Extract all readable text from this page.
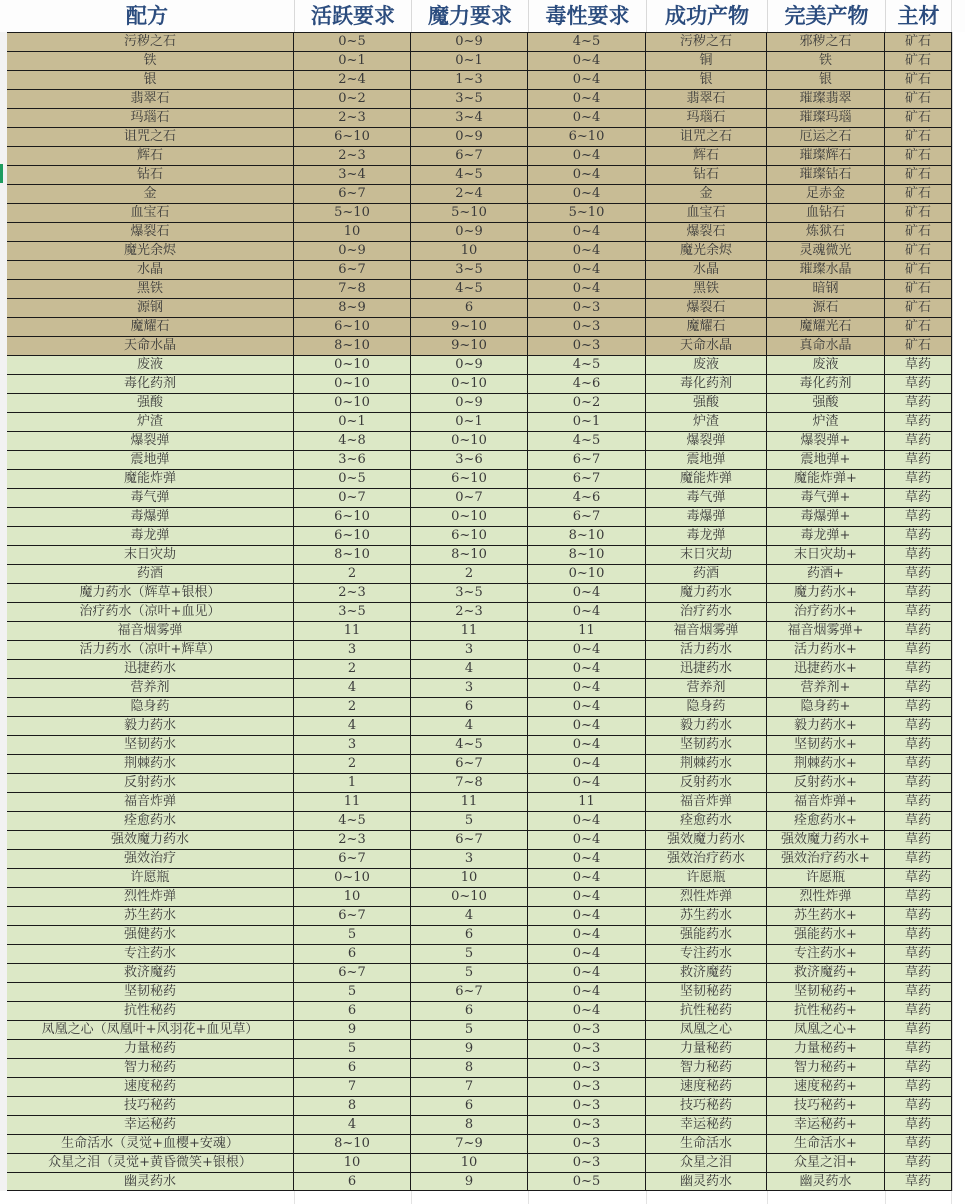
配方	活跃要求	魔力要求	毒性要求	成功产物	完美产物	主材
污秽之石	0~5	0~9	4~5	污秽之石	邪秽之石	矿石
铁	0~1	0~1	0~4	铜	铁	矿石
银	2~4	1~3	0~4	银	银	矿石
翡翠石	0~2	3~5	0~4	翡翠石	璀璨翡翠	矿石
玛瑙石	2~3	3~4	0~4	玛瑙石	璀璨玛瑙	矿石
诅咒之石	6~10	0~9	6~10	诅咒之石	厄运之石	矿石
辉石	2~3	6~7	0~4	辉石	璀璨辉石	矿石
钻石	3~4	4~5	0~4	钻石	璀璨钻石	矿石
金	6~7	2~4	0~4	金	足赤金	矿石
血宝石	5~10	5~10	5~10	血宝石	血钻石	矿石
爆裂石	10	0~9	0~4	爆裂石	炼狱石	矿石
魔光余烬	0~9	10	0~4	魔光余烬	灵魂微光	矿石
水晶	6~7	3~5	0~4	水晶	璀璨水晶	矿石
黑铁	7~8	4~5	0~4	黑铁	暗钢	矿石
源钢	8~9	6	0~3	爆裂石	源石	矿石
魔耀石	6~10	9~10	0~3	魔耀石	魔耀光石	矿石
天命水晶	8~10	9~10	0~3	天命水晶	真命水晶	矿石
废液	0~10	0~9	4~5	废液	废液	草药
毒化药剂	0~10	0~10	4~6	毒化药剂	毒化药剂	草药
强酸	0~10	0~9	0~2	强酸	强酸	草药
炉渣	0~1	0~1	0~1	炉渣	炉渣	草药
爆裂弹	4~8	0~10	4~5	爆裂弹	爆裂弹+	草药
震地弹	3~6	3~6	6~7	震地弹	震地弹+	草药
魔能炸弹	0~5	6~10	6~7	魔能炸弹	魔能炸弹+	草药
毒气弹	0~7	0~7	4~6	毒气弹	毒气弹+	草药
毒爆弹	6~10	0~10	6~7	毒爆弹	毒爆弹+	草药
毒龙弹	6~10	6~10	8~10	毒龙弹	毒龙弹+	草药
末日灾劫	8~10	8~10	8~10	末日灾劫	末日灾劫+	草药
药酒	2	2	0~10	药酒	药酒+	草药
魔力药水（辉草+银根）	2~3	3~5	0~4	魔力药水	魔力药水+	草药
治疗药水（凉叶+血见）	3~5	2~3	0~4	治疗药水	治疗药水+	草药
福音烟雾弹	11	11	11	福音烟雾弹	福音烟雾弹+	草药
活力药水（凉叶+辉草）	3	3	0~4	活力药水	活力药水+	草药
迅捷药水	2	4	0~4	迅捷药水	迅捷药水+	草药
营养剂	4	3	0~4	营养剂	营养剂+	草药
隐身药	2	6	0~4	隐身药	隐身药+	草药
毅力药水	4	4	0~4	毅力药水	毅力药水+	草药
坚韧药水	3	4~5	0~4	坚韧药水	坚韧药水+	草药
荆棘药水	2	6~7	0~4	荆棘药水	荆棘药水+	草药
反射药水	1	7~8	0~4	反射药水	反射药水+	草药
福音炸弹	11	11	11	福音炸弹	福音炸弹+	草药
痊愈药水	4~5	5	0~4	痊愈药水	痊愈药水+	草药
强效魔力药水	2~3	6~7	0~4	强效魔力药水	强效魔力药水+	草药
强效治疗	6~7	3	0~4	强效治疗药水	强效治疗药水+	草药
许愿瓶	0~10	10	0~4	许愿瓶	许愿瓶	草药
烈性炸弹	10	0~10	0~4	烈性炸弹	烈性炸弹	草药
苏生药水	6~7	4	0~4	苏生药水	苏生药水+	草药
强健药水	5	6	0~4	强能药水	强能药水+	草药
专注药水	6	5	0~4	专注药水	专注药水+	草药
救济魔药	6~7	5	0~4	救济魔药	救济魔药+	草药
坚韧秘药	5	6~7	0~4	坚韧秘药	坚韧秘药+	草药
抗性秘药	6	6	0~4	抗性秘药	抗性秘药+	草药
凤凰之心（凤凰叶+风羽花+血见草）	9	5	0~3	凤凰之心	凤凰之心+	草药
力量秘药	5	9	0~3	力量秘药	力量秘药+	草药
智力秘药	6	8	0~3	智力秘药	智力秘药+	草药
速度秘药	7	7	0~3	速度秘药	速度秘药+	草药
技巧秘药	8	6	0~3	技巧秘药	技巧秘药+	草药
幸运秘药	4	8	0~3	幸运秘药	幸运秘药+	草药
生命活水（灵觉+血樱+安魂）	8~10	7~9	0~3	生命活水	生命活水+	草药
众星之泪（灵觉+黄昏微笑+银根）	10	10	0~3	众星之泪	众星之泪+	草药
幽灵药水	6	9	0~5	幽灵药水	幽灵药水	草药
